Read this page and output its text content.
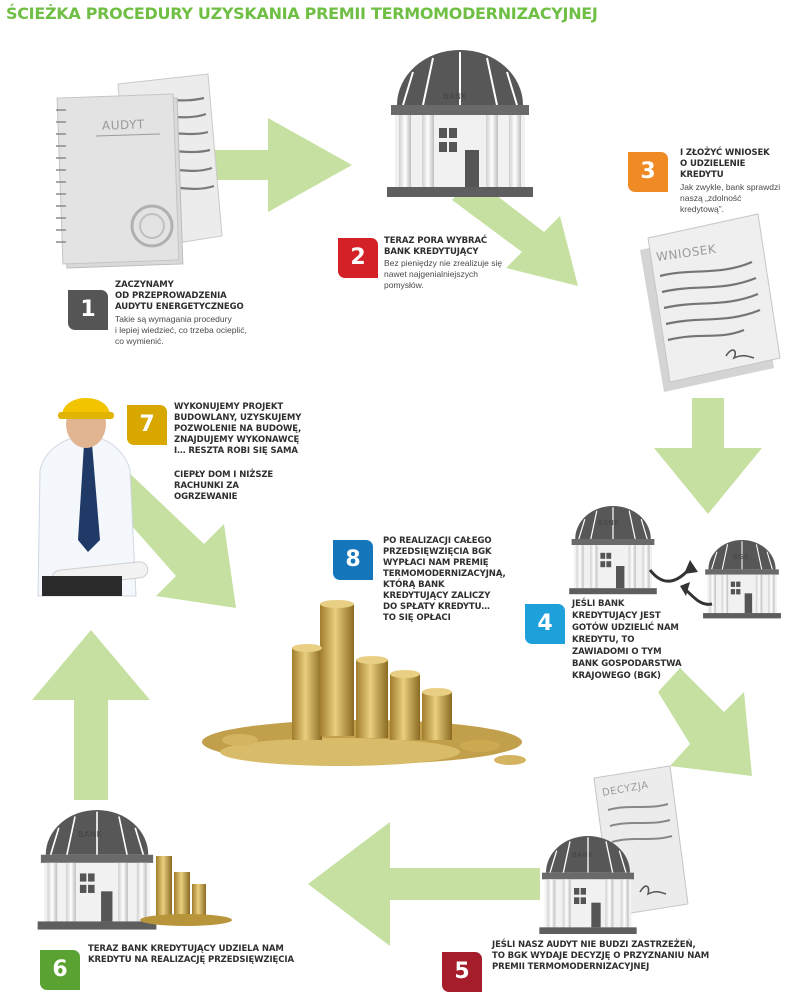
AUDYT
WNIOSEK
DECYZJA
BANK
BANK
BGK
BANK
BANK
ŚCIEŻKA PROCEDURY UZYSKANIA PREMII TERMOMODERNIZACYJNEJ
1
ZACZYNAMY
OD PRZEPROWADZENIA
AUDYTU ENERGETYCZNEGO
Takie są wymagania procedury
i lepiej wiedzieć, co trzeba ocieplić,
co wymienić.
2
TERAZ PORA WYBRAĆ
BANK KREDYTUJĄCY
Bez pieniędzy nie zrealizuje się
nawet najgenialniejszych
pomysłów.
3
I ZŁOŻYĆ WNIOSEK
O UDZIELENIE
KREDYTU
Jak zwykle, bank sprawdzi
naszą „zdolność kredytową”.
4
JEŚLI BANK
KREDYTUJĄCY JEST
GOTÓW UDZIELIĆ NAM
KREDYTU, TO
ZAWIADOMI O TYM
BANK GOSPODARSTWA
KRAJOWEGO (BGK)
5
JEŚLI NASZ AUDYT NIE BUDZI ZASTRZEŻEŃ,
TO BGK WYDAJE DECYZJĘ O PRZYZNANIU NAM
PREMII TERMOMODERNIZACYJNEJ
6
TERAZ BANK KREDYTUJĄCY UDZIELA NAM
KREDYTU NA REALIZACJĘ PRZEDSIĘWZIĘCIA
7
WYKONUJEMY PROJEKT
BUDOWLANY, UZYSKUJEMY
POZWOLENIE NA BUDOWĘ,
ZNAJDUJEMY WYKONAWCĘ
I… RESZTA ROBI SIĘ SAMA
CIEPŁY DOM I NIŻSZE
RACHUNKI ZA
OGRZEWANIE
8
PO REALIZACJI CAŁEGO
PRZEDSIĘWZIĘCIA BGK
WYPŁACI NAM PREMIĘ
TERMOMODERNIZACYJNĄ,
KTÓRĄ BANK
KREDYTUJĄCY ZALICZY
DO SPŁATY KREDYTU…
TO SIĘ OPŁACI
